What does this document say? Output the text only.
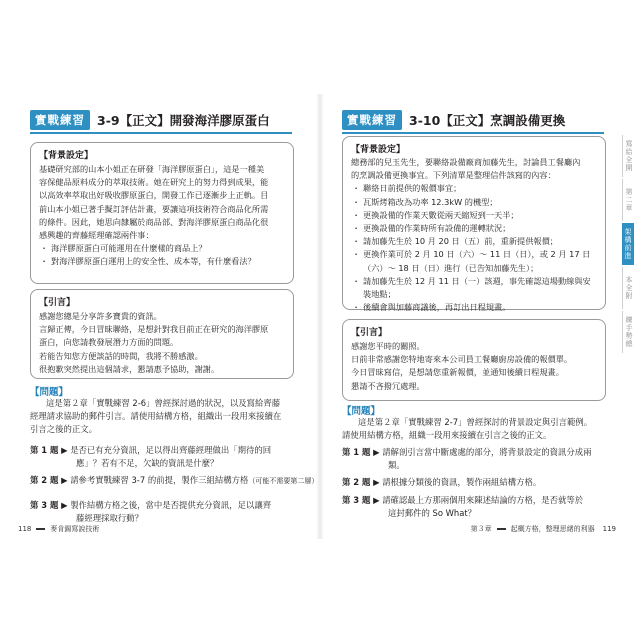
實戰練習 3-9【正文】開發海洋膠原蛋白
【背景設定】

基礎研究部的山本小姐正在研發「海洋膠原蛋白」，這是一種美

容保健品原料成分的萃取技術。她在研究上的努力得到成果，能

以高效率萃取出好吸收膠原蛋白，開發工作已逐漸步上正軌。目

前山本小姐已著手擬訂評估計畫，要讓這項技術符合商品化所需

的條件。因此，她思向隸屬於商品部、對海洋膠原蛋白商品化很

感興趣的齊藤經理確認兩件事：

・ 海洋膠原蛋白可能運用在什麼樣的商品上？
・ 對海洋膠原蛋白運用上的安全性、成本等，有什麼看法？
【引言】

感謝您總是分享許多寶貴的資訊。

言歸正傳，今日冒昧聯絡，是想針對我目前正在研究的海洋膠原

蛋白，向您請教發展潛力方面的問題。

若能告知您方便談話的時間，我將不勝感激。

很抱歉突然提出這個請求，懇請惠予協助，謝謝。

【問題】
這是第２章「實戰練習 2-6」曾經探討過的狀況，以及寫給齊藤
經理請求協助的郵件引言。請使用結構方格，組織出一段用來接續在
引言之後的正文。
第 1 題 ▶ 是否已有充分資訊，足以得出齊藤經理做出「期待的回
應」？若有不足，欠缺的資訊是什麼？
第 2 題 ▶ 請參考實戰練習 3-7 的前提，製作三組結構方格（可能不需要第二層）
第 3 題 ▶ 製作結構方格之後，當中是否提供充分資訊，足以讓齊
藤經理採取行動？
118	麥肯錫寫說技術
實戰練習 3-10【正文】烹調設備更換
【背景設定】

總務部的兒玉先生，要聯絡設備廠商加藤先生，討論員工餐廳內

的烹調設備更換事宜。下列清單是整理信件該寫的內容：

・ 聯絡日前提供的報價事宜；
・ 瓦斯烤箱改為功率 12.3kW 的機型；
・ 更換設備的作業天數從兩天縮短到一天半；
・ 更換設備的作業時所有設備的運轉狀況；
・ 請加藤先生於 10 月 20 日（五）前，重新提供報價；
・ 更換作業可於 2 月 10 日（六）～ 11 日（日），或 2 月 17 日

（六）～ 18 日（日）進行（已告知加藤先生）；

・ 請加藤先生於 12 月 11 日（一）該週，事先確認這場動線與安

裝地點；

・ 後續會與加藤商議後，再訂出日程規畫。
【引言】

感謝您平時的關照。

日前非常感謝您特地寄來本公司員工餐廳廚房設備的報價單。

今日冒昧寫信，是想請您重新報價，並通知後續日程規畫。

懇請不吝撥冗處理。

【問題】
這是第２章「實戰練習 2-7」曾經探討的背景設定與引言範例。
請使用結構方格，組織一段用來接續在引言之後的正文。
第 1 題 ▶ 請解剖引言當中斷處處的部分，將背景設定的資訊分成兩
類。
第 2 題 ▶ 請根據分類後的資訊，製作兩組結構方格。
第 3 題 ▶ 請確認最上方那兩個用來陳述結論的方格，是否就等於
這封郵件的 So What？
第３章	起概方格，整理思緒的利器 119
寫給全開
第二章
架構前進
本全附
練手勢總
